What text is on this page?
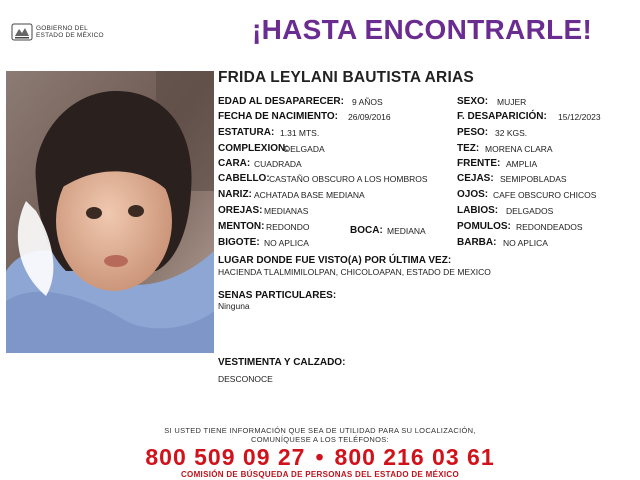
GOBIERNO DEL
ESTADO DE MÉXICO	¡HASTA ENCONTRARLE!
FRIDA LEYLANI BAUTISTA ARIAS
EDAD AL DESAPARECER: 9 AÑOS
FECHA DE NACIMIENTO: 26/09/2016
ESTATURA: 1.31 MTS.
COMPLEXION:
DELGADA
CARA: CUADRADA
CABELLO: CASTAÑO OBSCURO A LOS HOMBROS
NARIZ: ACHATADA BASE MEDIANA
OREJAS: MEDIANAS
MENTON: REDONDO	BOCA: MEDIANA
BIGOTE: NO APLICA
SEXO: MUJER
F. DESAPARICIÓN: 15/12/2023
PESO: 32 KGS.
TEZ: MORENA CLARA
FRENTE: AMPLIA
CEJAS: SEMIPOBLADAS
OJOS: CAFE OBSCURO CHICOS
LABIOS: DELGADOS
POMULOS: REDONDEADOS
BARBA: NO APLICA
LUGAR DONDE FUE VISTO(A) POR ÚLTIMA VEZ:
HACIENDA TLALMIMILOLPAN, CHICOLOAPAN, ESTADO DE MEXICO
SENAS PARTICULARES:
Ninguna
VESTIMENTA Y CALZADO:
DESCONOCE
SI USTED TIENE INFORMACIÓN QUE SEA DE UTILIDAD PARA SU LOCALIZACIÓN,
COMUNÍQUESE A LOS TELÉFONOS:
800 509 09 27 • 800 216 03 61
COMISIÓN DE BÚSQUEDA DE PERSONAS DEL ESTADO DE MÉXICO
